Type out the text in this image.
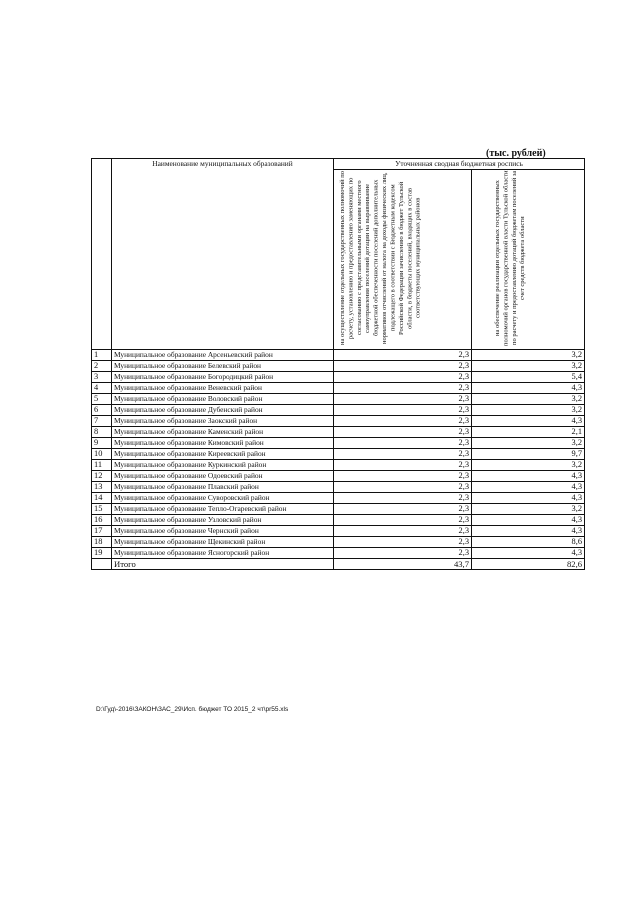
(тыс. рублей)
	Наименование муниципальных образований	Уточненная сводная бюджетная роспись	
		на осуществление отдельных государственных полномочий по расчету, установлению и предоставлению заменяющих по согласованию с представительными органами местного самоуправления поселений дотации на выравнивание бюджетной обеспеченности поселений дополнительных нормативов отчислений от налога на доходы физических лиц, подлежащего в соответствии с Бюджетным кодексом Российской Федерации зачислению в бюджет Тульской области, в бюджеты поселений, входящих в состав соответствующих муниципальных районов	на обеспечение реализации отдельных государственных полномочий органов государственной власти Тульской области по расчету и предоставлению дотаций бюджетам поселений за счет средств бюджета области
1	Муниципальное образование Арсеньевский район	2,3	3,2
2	Муниципальное образование Белевский район	2,3	3,2
3	Муниципальное образование Богородицкий район	2,3	5,4
4	Муниципальное образование Веневский район	2,3	4,3
5	Муниципальное образование Воловский район	2,3	3,2
6	Муниципальное образование Дубенский район	2,3	3,2
7	Муниципальное образование Заокский район	2,3	4,3
8	Муниципальное образование Каменский район	2,3	2,1
9	Муниципальное образование Кимовский район	2,3	3,2
10	Муниципальное образование Киреевский район	2,3	9,7
11	Муниципальное образование Куркинский район	2,3	3,2
12	Муниципальное образование Одоевский район	2,3	4,3
13	Муниципальное образование Плавский район	2,3	4,3
14	Муниципальное образование Суворовский район	2,3	4,3
15	Муниципальное образование Тепло-Огаревский район	2,3	3,2
16	Муниципальное образование Узловский район	2,3	4,3
17	Муниципальное образование Чернский район	2,3	4,3
18	Муниципальное образование Щекинский район	2,3	8,6
19	Муниципальное образование Ясногорский район	2,3	4,3
	Итого	43,7	82,6
D:\Гуд\-2016\ЗАКОН\ЗАС_29\Исп. бюджет ТО 2015_2 чт\pr55.xls
